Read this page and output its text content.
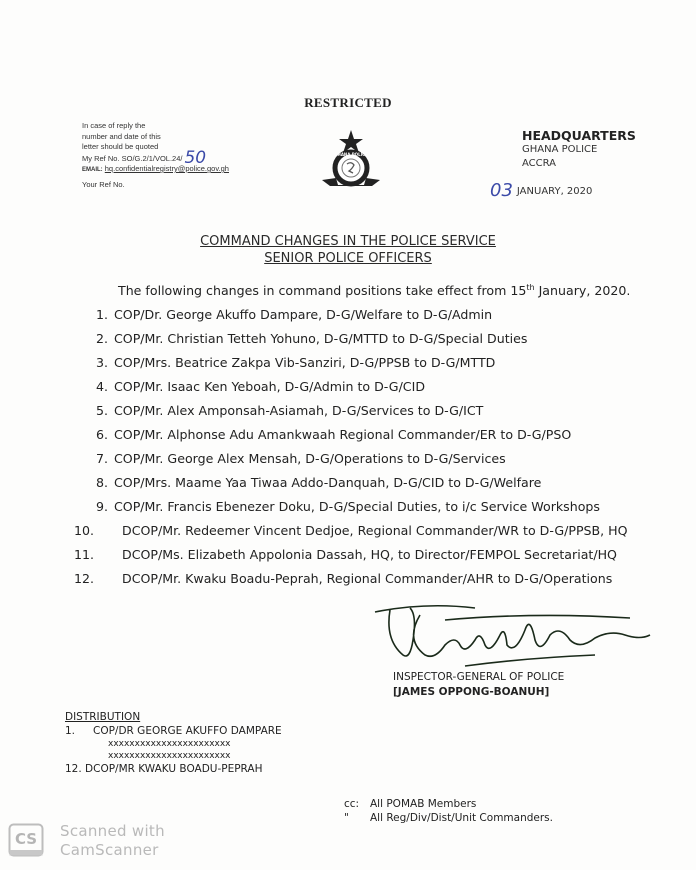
RESTRICTED
In case of reply the
number and date of this
letter should be quoted
My Ref No. SO/G.2/1/VOL.24/ 50
EMAIL: hq.confidentialregistry@police.gov.gh
Your Ref No.
GHANA POLICE
HEADQUARTERS
GHANA POLICE
ACCRA
03 JANUARY, 2020
COMMAND CHANGES IN THE POLICE SERVICE
SENIOR POLICE OFFICERS
The following changes in command positions take effect from 15th January, 2020.
1. COP/Dr. George Akuffo Dampare, D-G/Welfare to D-G/Admin
2. COP/Mr. Christian Tetteh Yohuno, D-G/MTTD to D-G/Special Duties
3. COP/Mrs. Beatrice Zakpa Vib-Sanziri, D-G/PPSB to D-G/MTTD
4. COP/Mr. Isaac Ken Yeboah, D-G/Admin to D-G/CID
5. COP/Mr. Alex Amponsah-Asiamah, D-G/Services to D-G/ICT
6. COP/Mr. Alphonse Adu Amankwaah Regional Commander/ER to D-G/PSO
7. COP/Mr. George Alex Mensah, D-G/Operations to D-G/Services
8. COP/Mrs. Maame Yaa Tiwaa Addo-Danquah, D-G/CID to D-G/Welfare
9. COP/Mr. Francis Ebenezer Doku, D-G/Special Duties, to i/c Service Workshops
10.	DCOP/Mr. Redeemer Vincent Dedjoe, Regional Commander/WR to D-G/PPSB, HQ
11.	DCOP/Ms. Elizabeth Appolonia Dassah, HQ, to Director/FEMPOL Secretariat/HQ
12.	DCOP/Mr. Kwaku Boadu-Peprah, Regional Commander/AHR to D-G/Operations
INSPECTOR-GENERAL OF POLICE
[JAMES OPPONG-BOANUH]
DISTRIBUTION
1. COP/DR GEORGE AKUFFO DAMPARE
xxxxxxxxxxxxxxxxxxxxxxx
xxxxxxxxxxxxxxxxxxxxxxx
12. DCOP/MR KWAKU BOADU-PEPRAH
cc: All POMAB Members
" All Reg/Div/Dist/Unit Commanders.
CS Scanned with
CamScanner
